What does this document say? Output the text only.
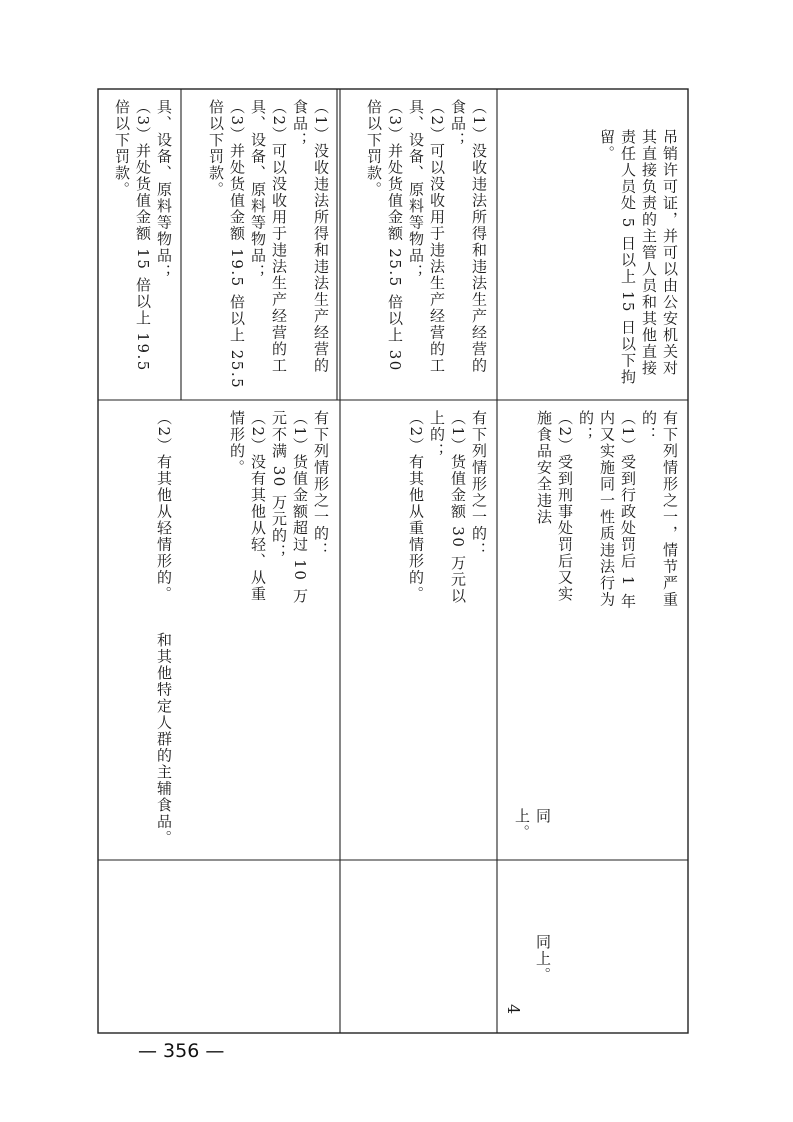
具、设备、原料等物品；
（3）并处货值金额 15 倍以上 19.5 倍以下罚款。

（2）有其他从轻情形的。

和其他特定人群的主辅食品。

（1）没收违法所得和违法生产经营的食品；
（2）可以没收用于违法生产经营的工具、设备、原料等物品；
（3）并处货值金额 19.5 倍以上 25.5 倍以下罚款。

有下列情形之一的：
（1）货值金额超过 10 万元不满 30 万元的；
（2）没有其他从轻、从重情形的。

（1）没收违法所得和违法生产经营的食品；
（2）可以没收用于违法生产经营的工具、设备、原料等物品；
（3）并处货值金额 25.5 倍以上 30 倍以下罚款。

有下列情形之一的：
（1）货值金额 30 万元以上的；
（2）有其他从重情形的。

吊销许可证，并可以由公安机关对其直接负责的主管人员和其他直接责任人员处 5 日以上 15 日以下拘留。

有下列情形之一，情节严重的：
（1）受到行政处罚后 1 年内又实施同一性质违法行为的；
（2）受到刑事处罚后又实施食品安全违法

同上。

同上。

4

— 356 —
